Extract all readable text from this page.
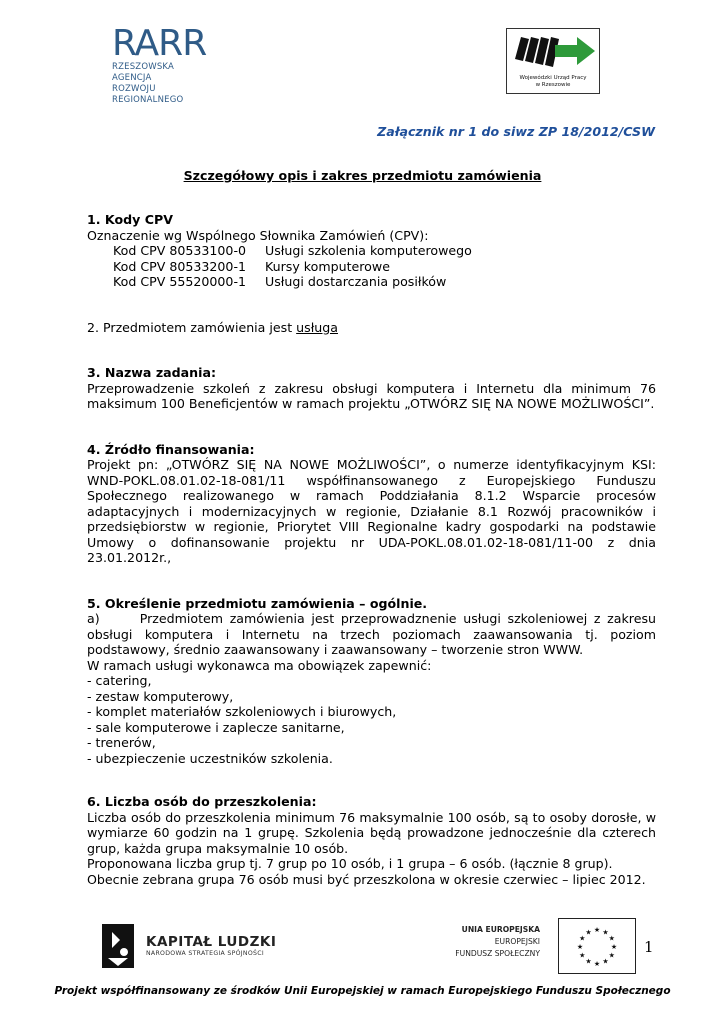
RARR
RZESZOWSKA AGENCJA
ROZWOJU REGIONALNEGO
Wojewódzki Urząd Pracy
w Rzeszowie
Załącznik nr 1 do siwz ZP 18/2012/CSW
Szczegółowy opis i zakres przedmiotu zamówienia

1. Kody CPV

Oznaczenie wg Wspólnego Słownika Zamówień (CPV):

Kod CPV 80533100-0	Usługi szkolenia komputerowego
Kod CPV 80533200-1	Kursy komputerowe
Kod CPV 55520000-1	Usługi dostarczania posiłków

2. Przedmiotem zamówienia jest usługa

3. Nazwa zadania:

Przeprowadzenie szkoleń z zakresu obsługi komputera i Internetu dla minimum 76 maksimum 100 Beneficjentów w ramach projektu „OTWÓRZ SIĘ NA NOWE MOŻLIWOŚCI”.

4. Źródło finansowania:

Projekt pn: „OTWÓRZ SIĘ NA NOWE MOŻLIWOŚCI”, o numerze identyfikacyjnym KSI: WND-POKL.08.01.02-18-081/11 współfinansowanego z Europejskiego Funduszu Społecznego realizowanego w ramach Poddziałania 8.1.2 Wsparcie procesów adaptacyjnych i modernizacyjnych w regionie, Działanie 8.1 Rozwój pracowników i przedsiębiorstw w regionie, Priorytet VIII Regionalne kadry gospodarki na podstawie Umowy o dofinansowanie projektu nr UDA-POKL.08.01.02-18-081/11-00 z dnia 23.01.2012r.,

5. Określenie przedmiotu zamówienia – ogólnie.

a)      Przedmiotem zamówienia jest przeprowadznenie usługi szkoleniowej z zakresu obsługi komputera i Internetu na trzech poziomach zaawansowania tj. poziom podstawowy, średnio zaawansowany i zaawansowany – tworzenie stron WWW.

W ramach usługi wykonawca ma obowiązek zapewnić:

- catering,

- zestaw komputerowy,

- komplet materiałów szkoleniowych i biurowych,

- sale komputerowe i zaplecze sanitarne,

- trenerów,

- ubezpieczenie uczestników szkolenia.

6. Liczba osób do przeszkolenia:

Liczba osób do przeszkolenia minimum 76 maksymalnie 100 osób, są to osoby dorosłe, w wymiarze 60 godzin na 1 grupę. Szkolenia będą prowadzone jednocześnie dla czterech grup, każda grupa maksymalnie 10 osób.

Proponowana liczba grup tj. 7 grup po 10 osób, i 1 grupa – 6 osób. (łącznie 8 grup).

Obecnie zebrana grupa 76 osób musi być przeszkolona w okresie czerwiec – lipiec 2012.

KAPITAŁ LUDZKI
NARODOWA STRATEGIA SPÓJNOŚCI
UNIA EUROPEJSKA
EUROPEJSKI
FUNDUSZ SPOŁECZNY
★
★
★
★
★
★
★
★
★ ★ ★
★ 1
Projekt współfinansowany ze środków Unii Europejskiej w ramach Europejskiego Funduszu Społecznego
